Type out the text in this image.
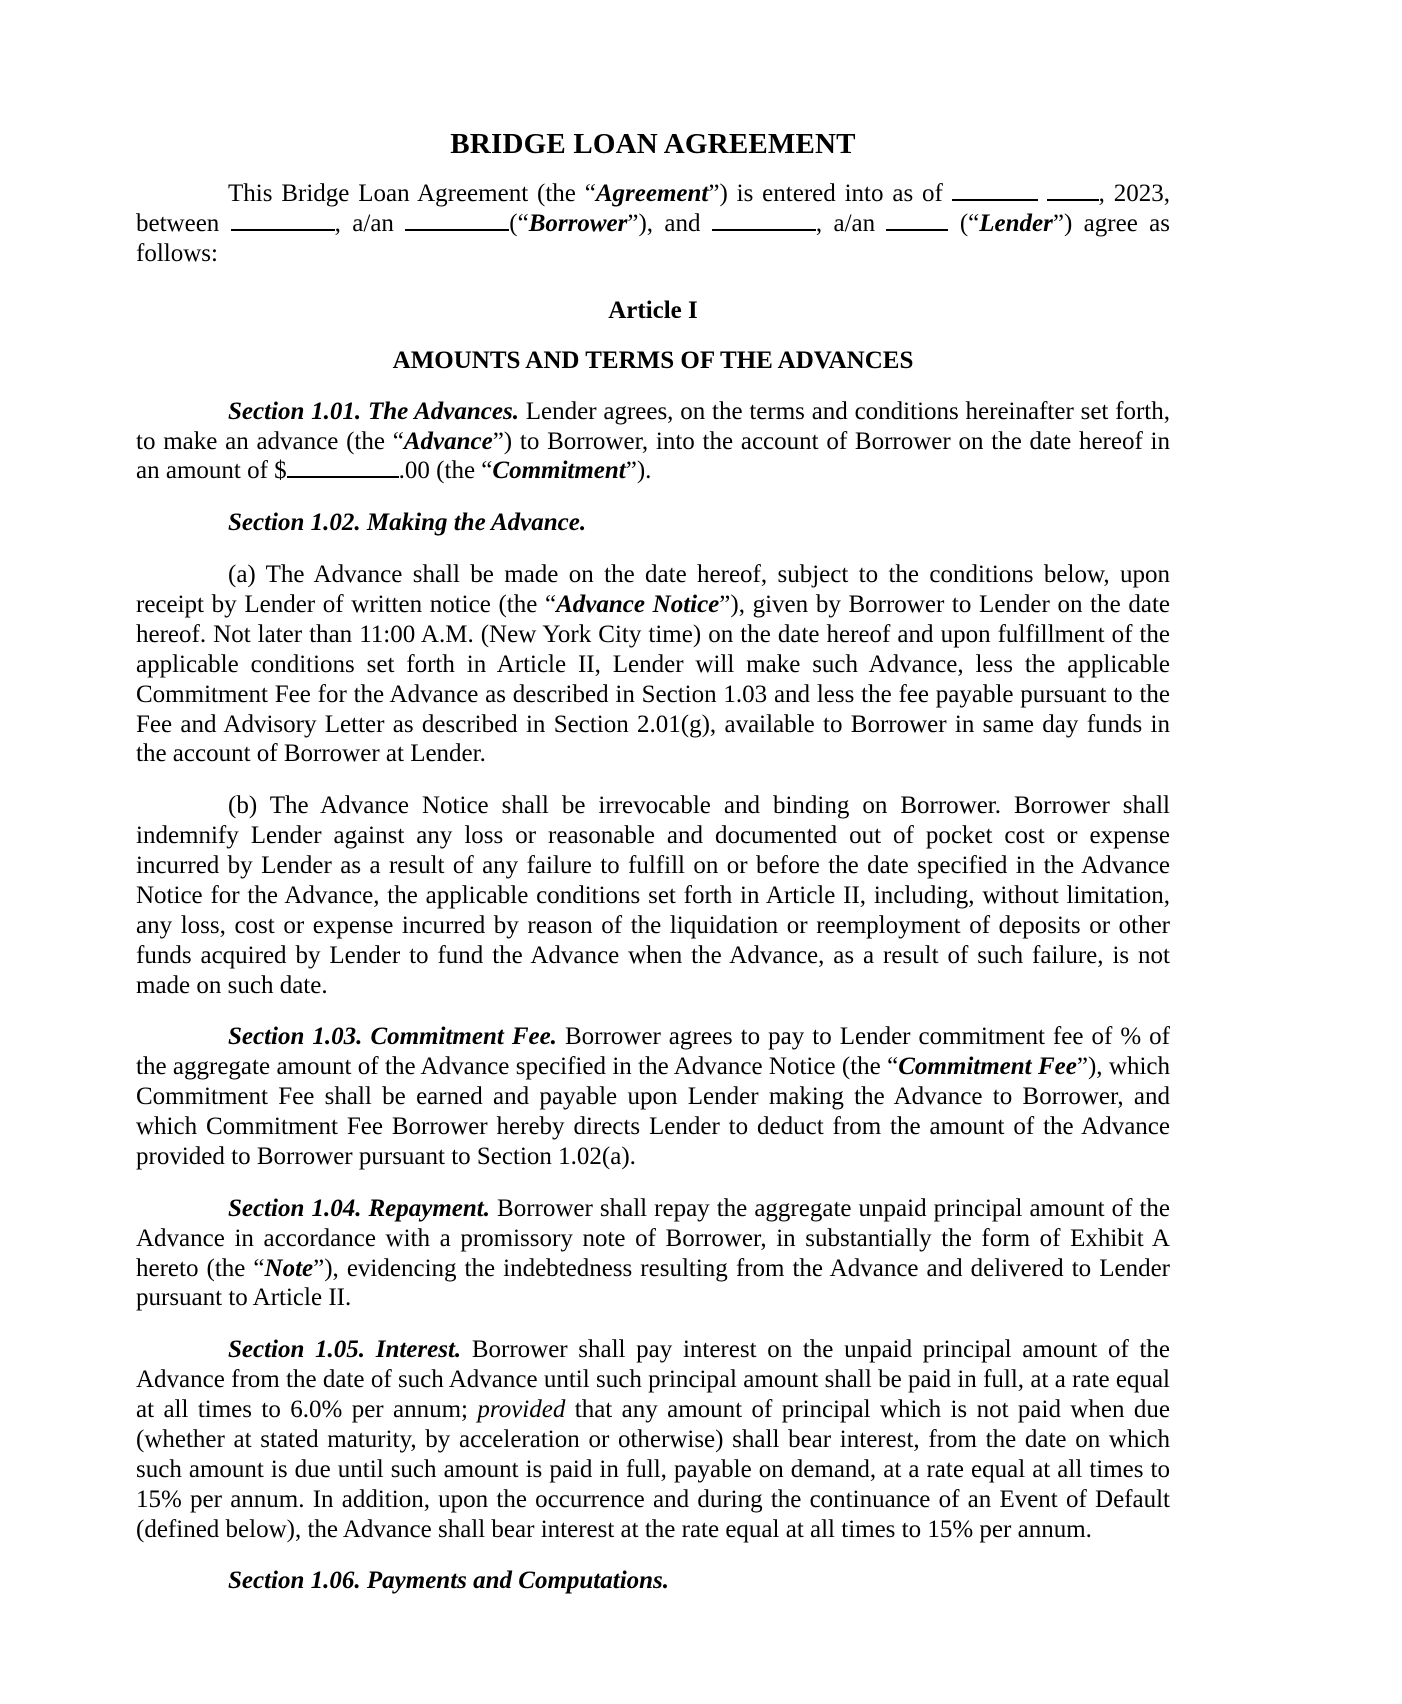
BRIDGE LOAN AGREEMENT

This Bridge Loan Agreement (the “Agreement”) is entered into as of	, 2023, between	, a/an	(“Borrower”), and	, a/an  (“Lender”) agree as follows:

Article I
AMOUNTS AND TERMS OF THE ADVANCES

Section 1.01. The Advances. Lender agrees, on the terms and conditions hereinafter set forth, to make an advance (the “Advance”) to Borrower, into the account of Borrower on the date hereof in an amount of $	.00 (the “Commitment”).

Section 1.02. Making the Advance.

(a) The Advance shall be made on the date hereof, subject to the conditions below, upon receipt by Lender of written notice (the “Advance Notice”), given by Borrower to Lender on the date hereof. Not later than 11:00 A.M. (New York City time) on the date hereof and upon fulfillment of the applicable conditions set forth in Article II, Lender will make such Advance, less the applicable Commitment Fee for the Advance as described in Section 1.03 and less the fee payable pursuant to the Fee and Advisory Letter as described in Section 2.01(g), available to Borrower in same day funds in the account of Borrower at Lender.

(b) The Advance Notice shall be irrevocable and binding on Borrower. Borrower shall indemnify Lender against any loss or reasonable and documented out of pocket cost or expense incurred by Lender as a result of any failure to fulfill on or before the date specified in the Advance Notice for the Advance, the applicable conditions set forth in Article II, including, without limitation, any loss, cost or expense incurred by reason of the liquidation or reemployment of deposits or other funds acquired by Lender to fund the Advance when the Advance, as a result of such failure, is not made on such date.

Section 1.03. Commitment Fee. Borrower agrees to pay to Lender commitment fee of % of the aggregate amount of the Advance specified in the Advance Notice (the “Commitment Fee”), which Commitment Fee shall be earned and payable upon Lender making the Advance to Borrower, and which Commitment Fee Borrower hereby directs Lender to deduct from the amount of the Advance provided to Borrower pursuant to Section 1.02(a).

Section 1.04. Repayment. Borrower shall repay the aggregate unpaid principal amount of the Advance in accordance with a promissory note of Borrower, in substantially the form of Exhibit A hereto (the “Note”), evidencing the indebtedness resulting from the Advance and delivered to Lender pursuant to Article II.

Section 1.05. Interest. Borrower shall pay interest on the unpaid principal amount of the Advance from the date of such Advance until such principal amount shall be paid in full, at a rate equal at all times to 6.0% per annum; provided that any amount of principal which is not paid when due (whether at stated maturity, by acceleration or otherwise) shall bear interest, from the date on which such amount is due until such amount is paid in full, payable on demand, at a rate equal at all times to 15% per annum. In addition, upon the occurrence and during the continuance of an Event of Default (defined below), the Advance shall bear interest at the rate equal at all times to 15% per annum.

Section 1.06. Payments and Computations.
